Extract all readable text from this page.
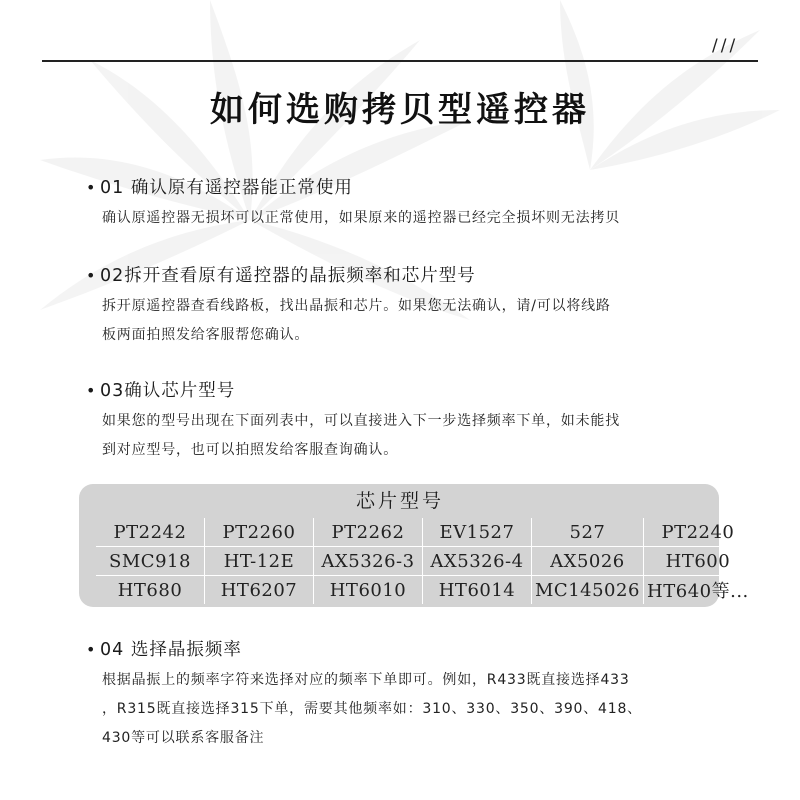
///
如何选购拷贝型遥控器
• 01 确认原有遥控器能正常使用
确认原遥控器无损坏可以正常使用，如果原来的遥控器已经完全损坏则无法拷贝
• 02拆开查看原有遥控器的晶振频率和芯片型号
拆开原遥控器查看线路板，找出晶振和芯片。如果您无法确认，请/可以将线路
板两面拍照发给客服帮您确认。
• 03确认芯片型号
如果您的型号出现在下面列表中，可以直接进入下一步选择频率下单，如未能找
到对应型号，也可以拍照发给客服查询确认。
芯片型号
PT2242	PT2260	PT2262	EV1527	527	PT2240
SMC918	HT-12E	AX5326-3	AX5326-4	AX5026	HT600
HT680	HT6207	HT6010	HT6014	MC145026	HT640等...
• 04 选择晶振频率
根据晶振上的频率字符来选择对应的频率下单即可。例如，R433既直接选择433
，R315既直接选择315下单，需要其他频率如：310、330、350、390、418、
430等可以联系客服备注
